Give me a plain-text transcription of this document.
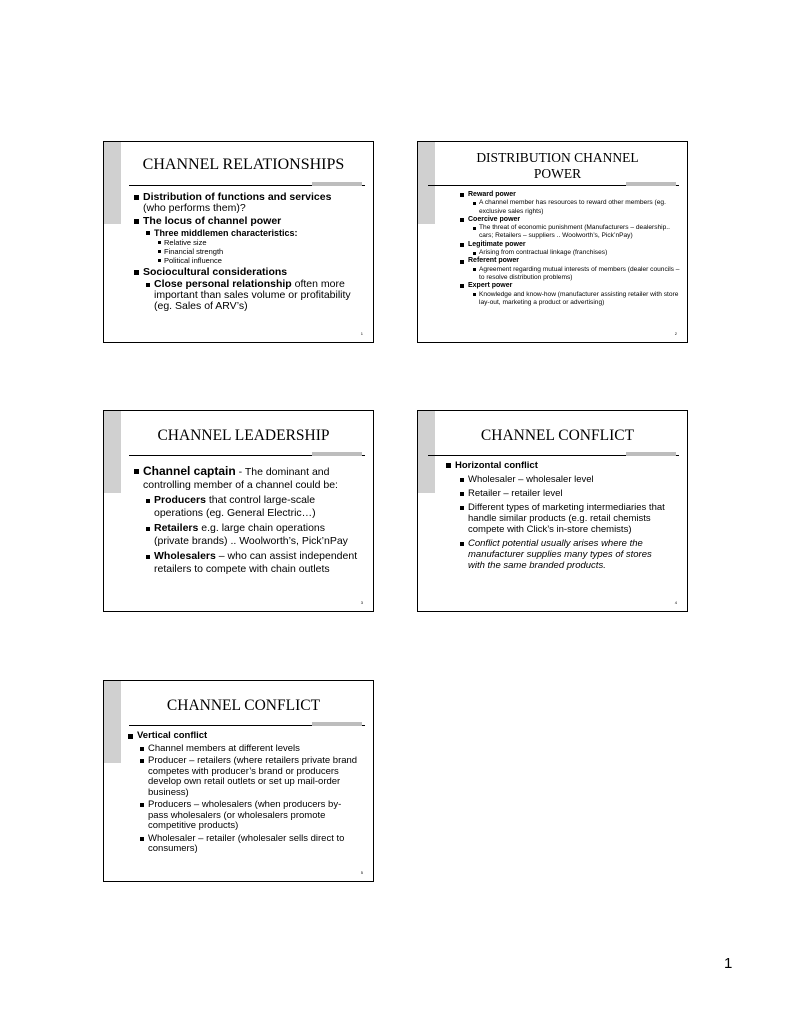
CHANNEL RELATIONSHIPS
Distribution of functions and services
(who performs them)?
The locus of channel power
Three middlemen characteristics:
Relative size
Financial strength
Political influence
Sociocultural considerations
Close personal relationship often more important than sales volume or profitability (eg. Sales of ARV’s)
1
DISTRIBUTION CHANNEL
POWER
Reward power
A channel member has resources to reward other members (eg. exclusive sales rights)
Coercive power
The threat of economic punishment (Manufacturers – dealership.. cars; Retailers – suppliers .. Woolworth’s, Pick’nPay)
Legitimate power
Arising from contractual linkage (franchises)
Referent power
Agreement regarding mutual interests of members (dealer councils – to resolve distribution problems)
Expert power
Knowledge and know-how (manufacturer assisting retailer with store lay-out, marketing a product or advertising)
2
CHANNEL LEADERSHIP
Channel captain - The dominant and controlling member of a channel could be:
Producers that control large-scale operations (eg. General Electric…)
Retailers e.g. large chain operations (private brands) .. Woolworth’s, Pick’nPay
Wholesalers – who can assist independent retailers to compete with chain outlets
3
CHANNEL CONFLICT
Horizontal conflict
Wholesaler – wholesaler level
Retailer – retailer level
Different types of marketing intermediaries that handle similar products (e.g. retail chemists compete with Click’s in-store chemists)
Conflict potential usually arises where the manufacturer supplies many types of stores with the same branded products.
4
CHANNEL CONFLICT
Vertical conflict
Channel members at different levels
Producer – retailers (where retailers private brand competes with producer’s brand or producers develop own retail outlets or set up mail-order business)
Producers – wholesalers (when producers by-pass wholesalers (or wholesalers promote competitive products)
Wholesaler – retailer (wholesaler sells direct to consumers)
5
1
